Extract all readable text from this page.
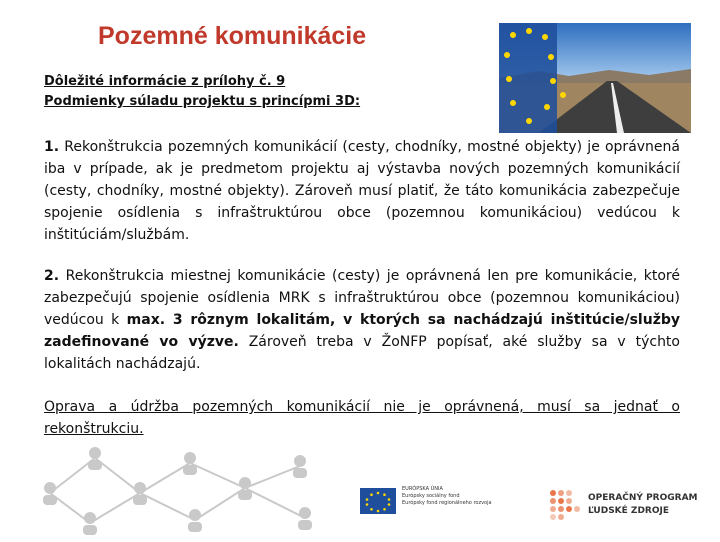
Pozemné komunikácie
Dôležité informácie z prílohy č. 9
Podmienky súladu projektu s princípmi 3D:

1. Rekonštrukcia pozemných komunikácií (cesty, chodníky, mostné objekty) je oprávnená iba v prípade, ak je predmetom projektu aj výstavba nových pozemných komunikácií (cesty, chodníky, mostné objekty). Zároveň musí platiť, že táto komunikácia zabezpečuje spojenie osídlenia s infraštruktúrou obce (pozemnou komunikáciou) vedúcou k inštitúciám/službám.

2. Rekonštrukcia miestnej komunikácie (cesty) je oprávnená len pre komunikácie, ktoré zabezpečujú spojenie osídlenia MRK s infraštruktúrou obce (pozemnou komunikáciou) vedúcou k max. 3 rôznym lokalitám, v ktorých sa nachádzajú inštitúcie/služby zadefinované vo výzve. Zároveň treba v ŽoNFP popísať, aké služby sa v týchto lokalitách nachádzajú.

Oprava a údržba pozemných komunikácií nie je oprávnená, musí sa jednať o rekonštrukciu.

EURÓPSKA ÚNIA
Európsky sociálny fond
Európsky fond regionálneho rozvoja	OPERAČNÝ PROGRAM
ĽUDSKÉ ZDROJE
